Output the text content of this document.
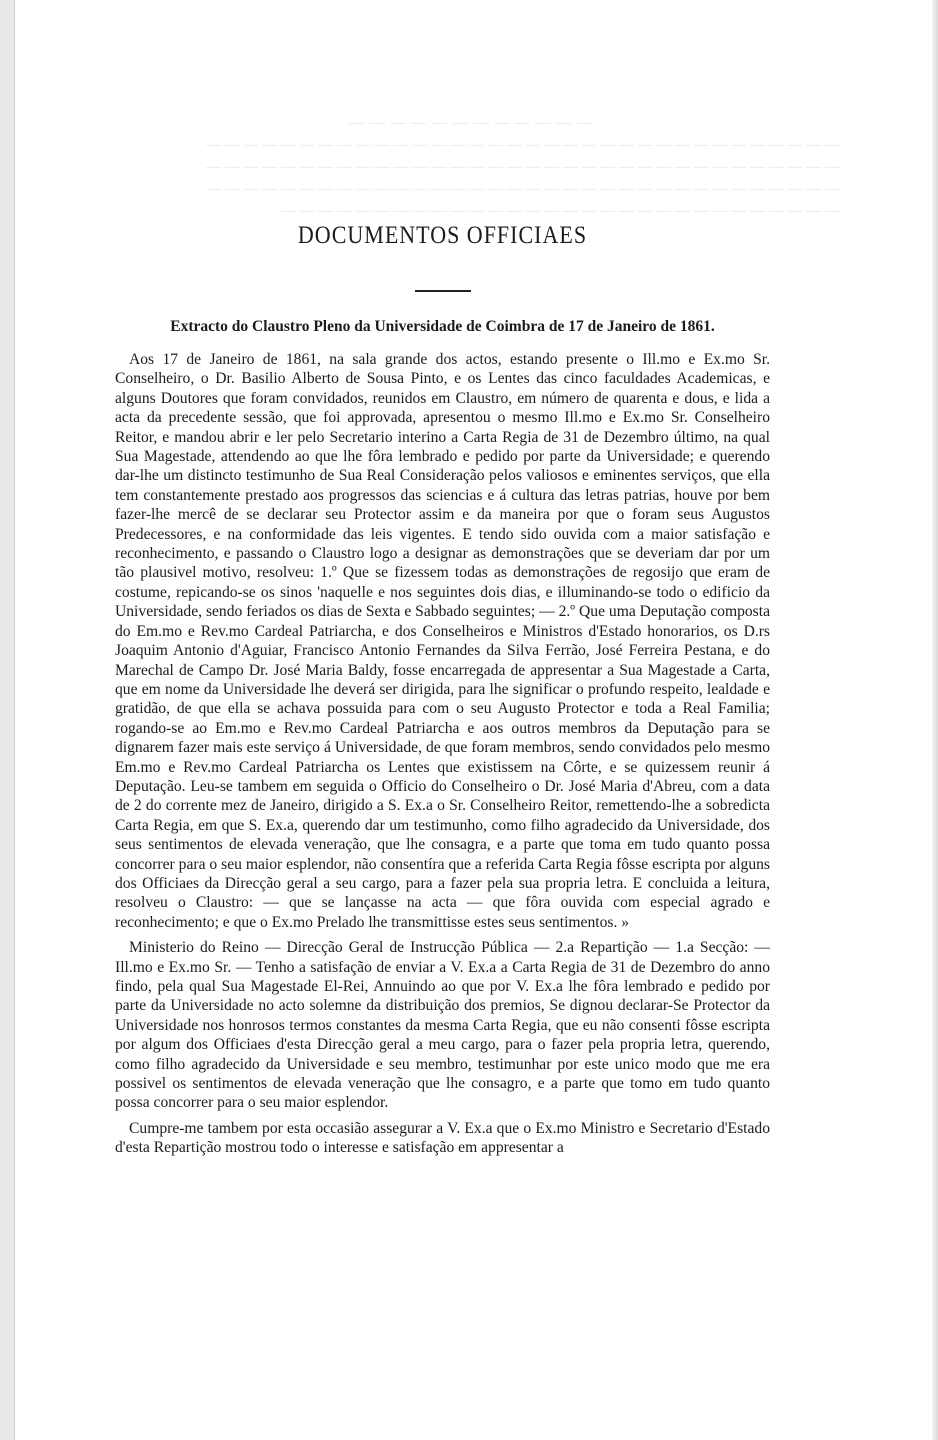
— — — — — — — — — — — —
— — — — — — — — — — — — — — — — — — — — — — — — — — — — — — — — — —
— — — — — — — — — — — — — — — — — — — — — — — — — — — — — — — — — —
— — — — — — — — — — — — — — — — — — — — — — — — — — — — — — — — — —
— — — — — — — — — — — — — — — — — — — — — — — — — — — — — —
DOCUMENTOS OFFICIAES
Extracto do Claustro Pleno da Universidade de Coimbra de 17 de Janeiro de 1861.

Aos 17 de Janeiro de 1861, na sala grande dos actos, estando presente o Ill.mo e Ex.mo Sr. Conselheiro, o Dr. Basilio Alberto de Sousa Pinto, e os Lentes das cinco faculdades Academicas, e alguns Doutores que foram convidados, reunidos em Claustro, em número de quarenta e dous, e lida a acta da precedente sessão, que foi approvada, apresentou o mesmo Ill.mo e Ex.mo Sr. Conselheiro Reitor, e mandou abrir e ler pelo Secretario interino a Carta Regia de 31 de Dezembro último, na qual Sua Magestade, attendendo ao que lhe fôra lembrado e pedido por parte da Universidade; e querendo dar-lhe um distincto testimunho de Sua Real Consideração pelos valiosos e eminentes serviços, que ella tem constantemente prestado aos progressos das sciencias e á cultura das letras patrias, houve por bem fazer-lhe mercê de se declarar seu Protector assim e da maneira por que o foram seus Augustos Predecessores, e na conformidade das leis vigentes. E tendo sido ouvida com a maior satisfação e reconhecimento, e passando o Claustro logo a designar as demonstrações que se deveriam dar por um tão plausivel motivo, resolveu: 1.º Que se fizessem todas as demonstrações de regosijo que eram de costume, repicando-se os sinos 'naquelle e nos seguintes dois dias, e illuminando-se todo o edificio da Universidade, sendo feriados os dias de Sexta e Sabbado seguintes; — 2.º Que uma Deputação composta do Em.mo e Rev.mo Cardeal Patriarcha, e dos Conselheiros e Ministros d'Estado honorarios, os D.rs Joaquim Antonio d'Aguiar, Francisco Antonio Fernandes da Silva Ferrão, José Ferreira Pestana, e do Marechal de Campo Dr. José Maria Baldy, fosse encarregada de appresentar a Sua Magestade a Carta, que em nome da Universidade lhe deverá ser dirigida, para lhe significar o profundo respeito, lealdade e gratidão, de que ella se achava possuida para com o seu Augusto Protector e toda a Real Familia; rogando-se ao Em.mo e Rev.mo Cardeal Patriarcha e aos outros membros da Deputação para se dignarem fazer mais este serviço á Universidade, de que foram membros, sendo convidados pelo mesmo Em.mo e Rev.mo Cardeal Patriarcha os Lentes que existissem na Côrte, e se quizessem reunir á Deputação. Leu-se tambem em seguida o Officio do Conselheiro o Dr. José Maria d'Abreu, com a data de 2 do corrente mez de Janeiro, dirigido a S. Ex.a o Sr. Conselheiro Reitor, remettendo-lhe a sobredicta Carta Regia, em que S. Ex.a, querendo dar um testimunho, como filho agradecido da Universidade, dos seus sentimentos de elevada veneração, que lhe consagra, e a parte que toma em tudo quanto possa concorrer para o seu maior esplendor, não consentíra que a referida Carta Regia fôsse escripta por alguns dos Officiaes da Direcção geral a seu cargo, para a fazer pela sua propria letra. E concluida a leitura, resolveu o Claustro: — que se lançasse na acta — que fôra ouvida com especial agrado e reconhecimento; e que o Ex.mo Prelado lhe transmittisse estes seus sentimentos. »

Ministerio do Reino — Direcção Geral de Instrucção Pública — 2.a Repartição — 1.a Secção: — Ill.mo e Ex.mo Sr. — Tenho a satisfação de enviar a V. Ex.a a Carta Regia de 31 de Dezembro do anno findo, pela qual Sua Magestade El-Rei, Annuindo ao que por V. Ex.a lhe fôra lembrado e pedido por parte da Universidade no acto solemne da distribuição dos premios, Se dignou declarar-Se Protector da Universidade nos honrosos termos constantes da mesma Carta Regia, que eu não consenti fôsse escripta por algum dos Officiaes d'esta Direcção geral a meu cargo, para o fazer pela propria letra, querendo, como filho agradecido da Universidade e seu membro, testimunhar por este unico modo que me era possivel os sentimentos de elevada veneração que lhe consagro, e a parte que tomo em tudo quanto possa concorrer para o seu maior esplendor.

Cumpre-me tambem por esta occasião assegurar a V. Ex.a que o Ex.mo Ministro e Secretario d'Estado d'esta Repartição mostrou todo o interesse e satisfação em appresentar a
